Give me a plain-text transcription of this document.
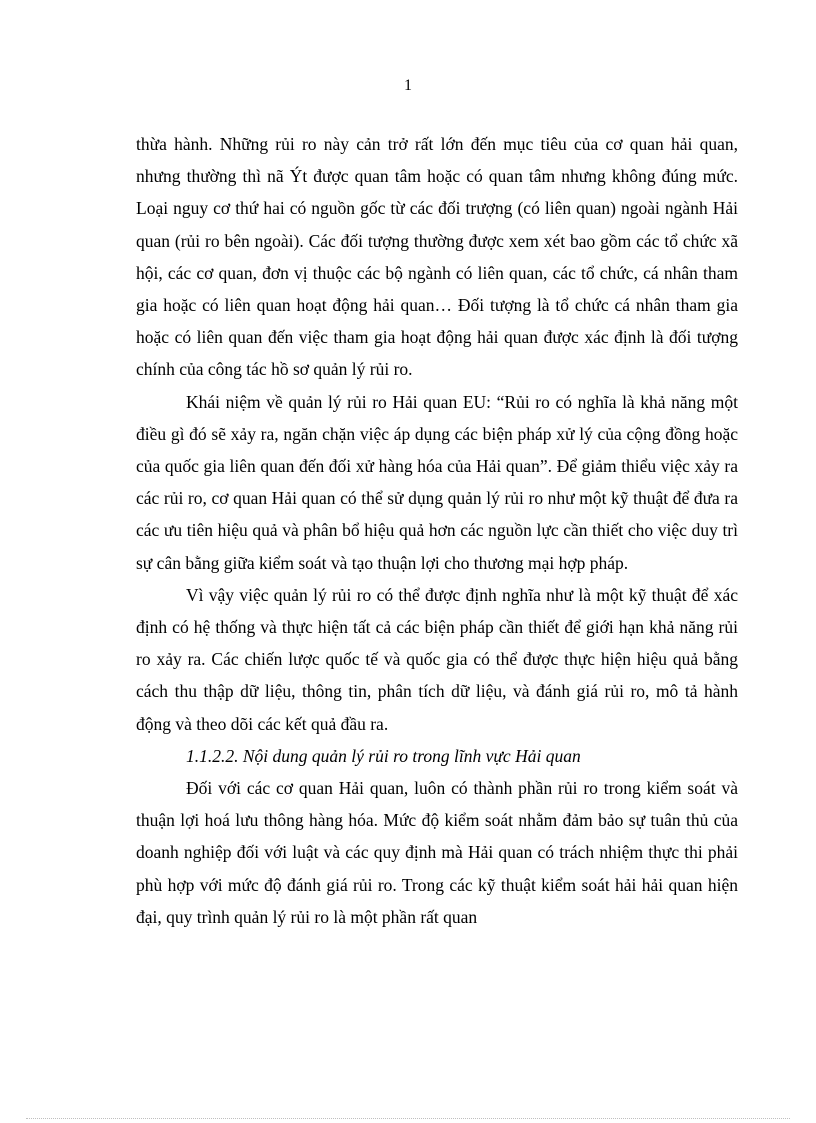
1

thừa hành. Những rủi ro này cản trở rất lớn đến mục tiêu của cơ quan hải quan, nhưng thường thì nã Ýt được quan tâm hoặc có quan tâm nhưng không đúng mức. Loại nguy cơ thứ hai có nguồn gốc từ các đối trượng (có liên quan) ngoài ngành Hải quan (rủi ro bên ngoài). Các đối tượng thường được xem xét bao gồm các tổ chức xã hội, các cơ quan, đơn vị thuộc các bộ ngành có liên quan, các tổ chức, cá nhân tham gia hoặc có liên quan hoạt động hải quan… Đối tượng là tổ chức cá nhân tham gia hoặc có liên quan đến việc tham gia hoạt động hải quan được xác định là đối tượng chính của công tác hồ sơ quản lý rủi ro.

Khái niệm về quản lý rủi ro Hải quan EU: “Rủi ro có nghĩa là khả năng một điều gì đó sẽ xảy ra, ngăn chặn việc áp dụng các biện pháp xử lý của cộng đồng hoặc của quốc gia liên quan đến đối xử hàng hóa của Hải quan”. Để giảm thiểu việc xảy ra các rủi ro, cơ quan Hải quan có thể sử dụng quản lý rủi ro như một kỹ thuật để đưa ra các ưu tiên hiệu quả và phân bổ hiệu quả hơn các nguồn lực cần thiết cho việc duy trì sự cân bằng giữa kiểm soát và tạo thuận lợi cho thương mại hợp pháp.

Vì vậy việc quản lý rủi ro có thể được định nghĩa như là một kỹ thuật để xác định có hệ thống và thực hiện tất cả các biện pháp cần thiết để giới hạn khả năng rủi ro xảy ra. Các chiến lược quốc tế và quốc gia có thể được thực hiện hiệu quả bằng cách thu thập dữ liệu, thông tin, phân tích dữ liệu, và đánh giá rủi ro, mô tả hành động và theo dõi các kết quả đầu ra.

1.1.2.2. Nội dung quản lý rủi ro trong lĩnh vực Hải quan

Đối với các cơ quan Hải quan, luôn có thành phần rủi ro trong kiểm soát và thuận lợi hoá lưu thông hàng hóa. Mức độ kiểm soát nhằm đảm bảo sự tuân thủ của doanh nghiệp đối với luật và các quy định mà Hải quan có trách nhiệm thực thi phải phù hợp với mức độ đánh giá rủi ro. Trong các kỹ thuật kiểm soát hải hải quan hiện đại, quy trình quản lý rủi ro là một phần rất quan
